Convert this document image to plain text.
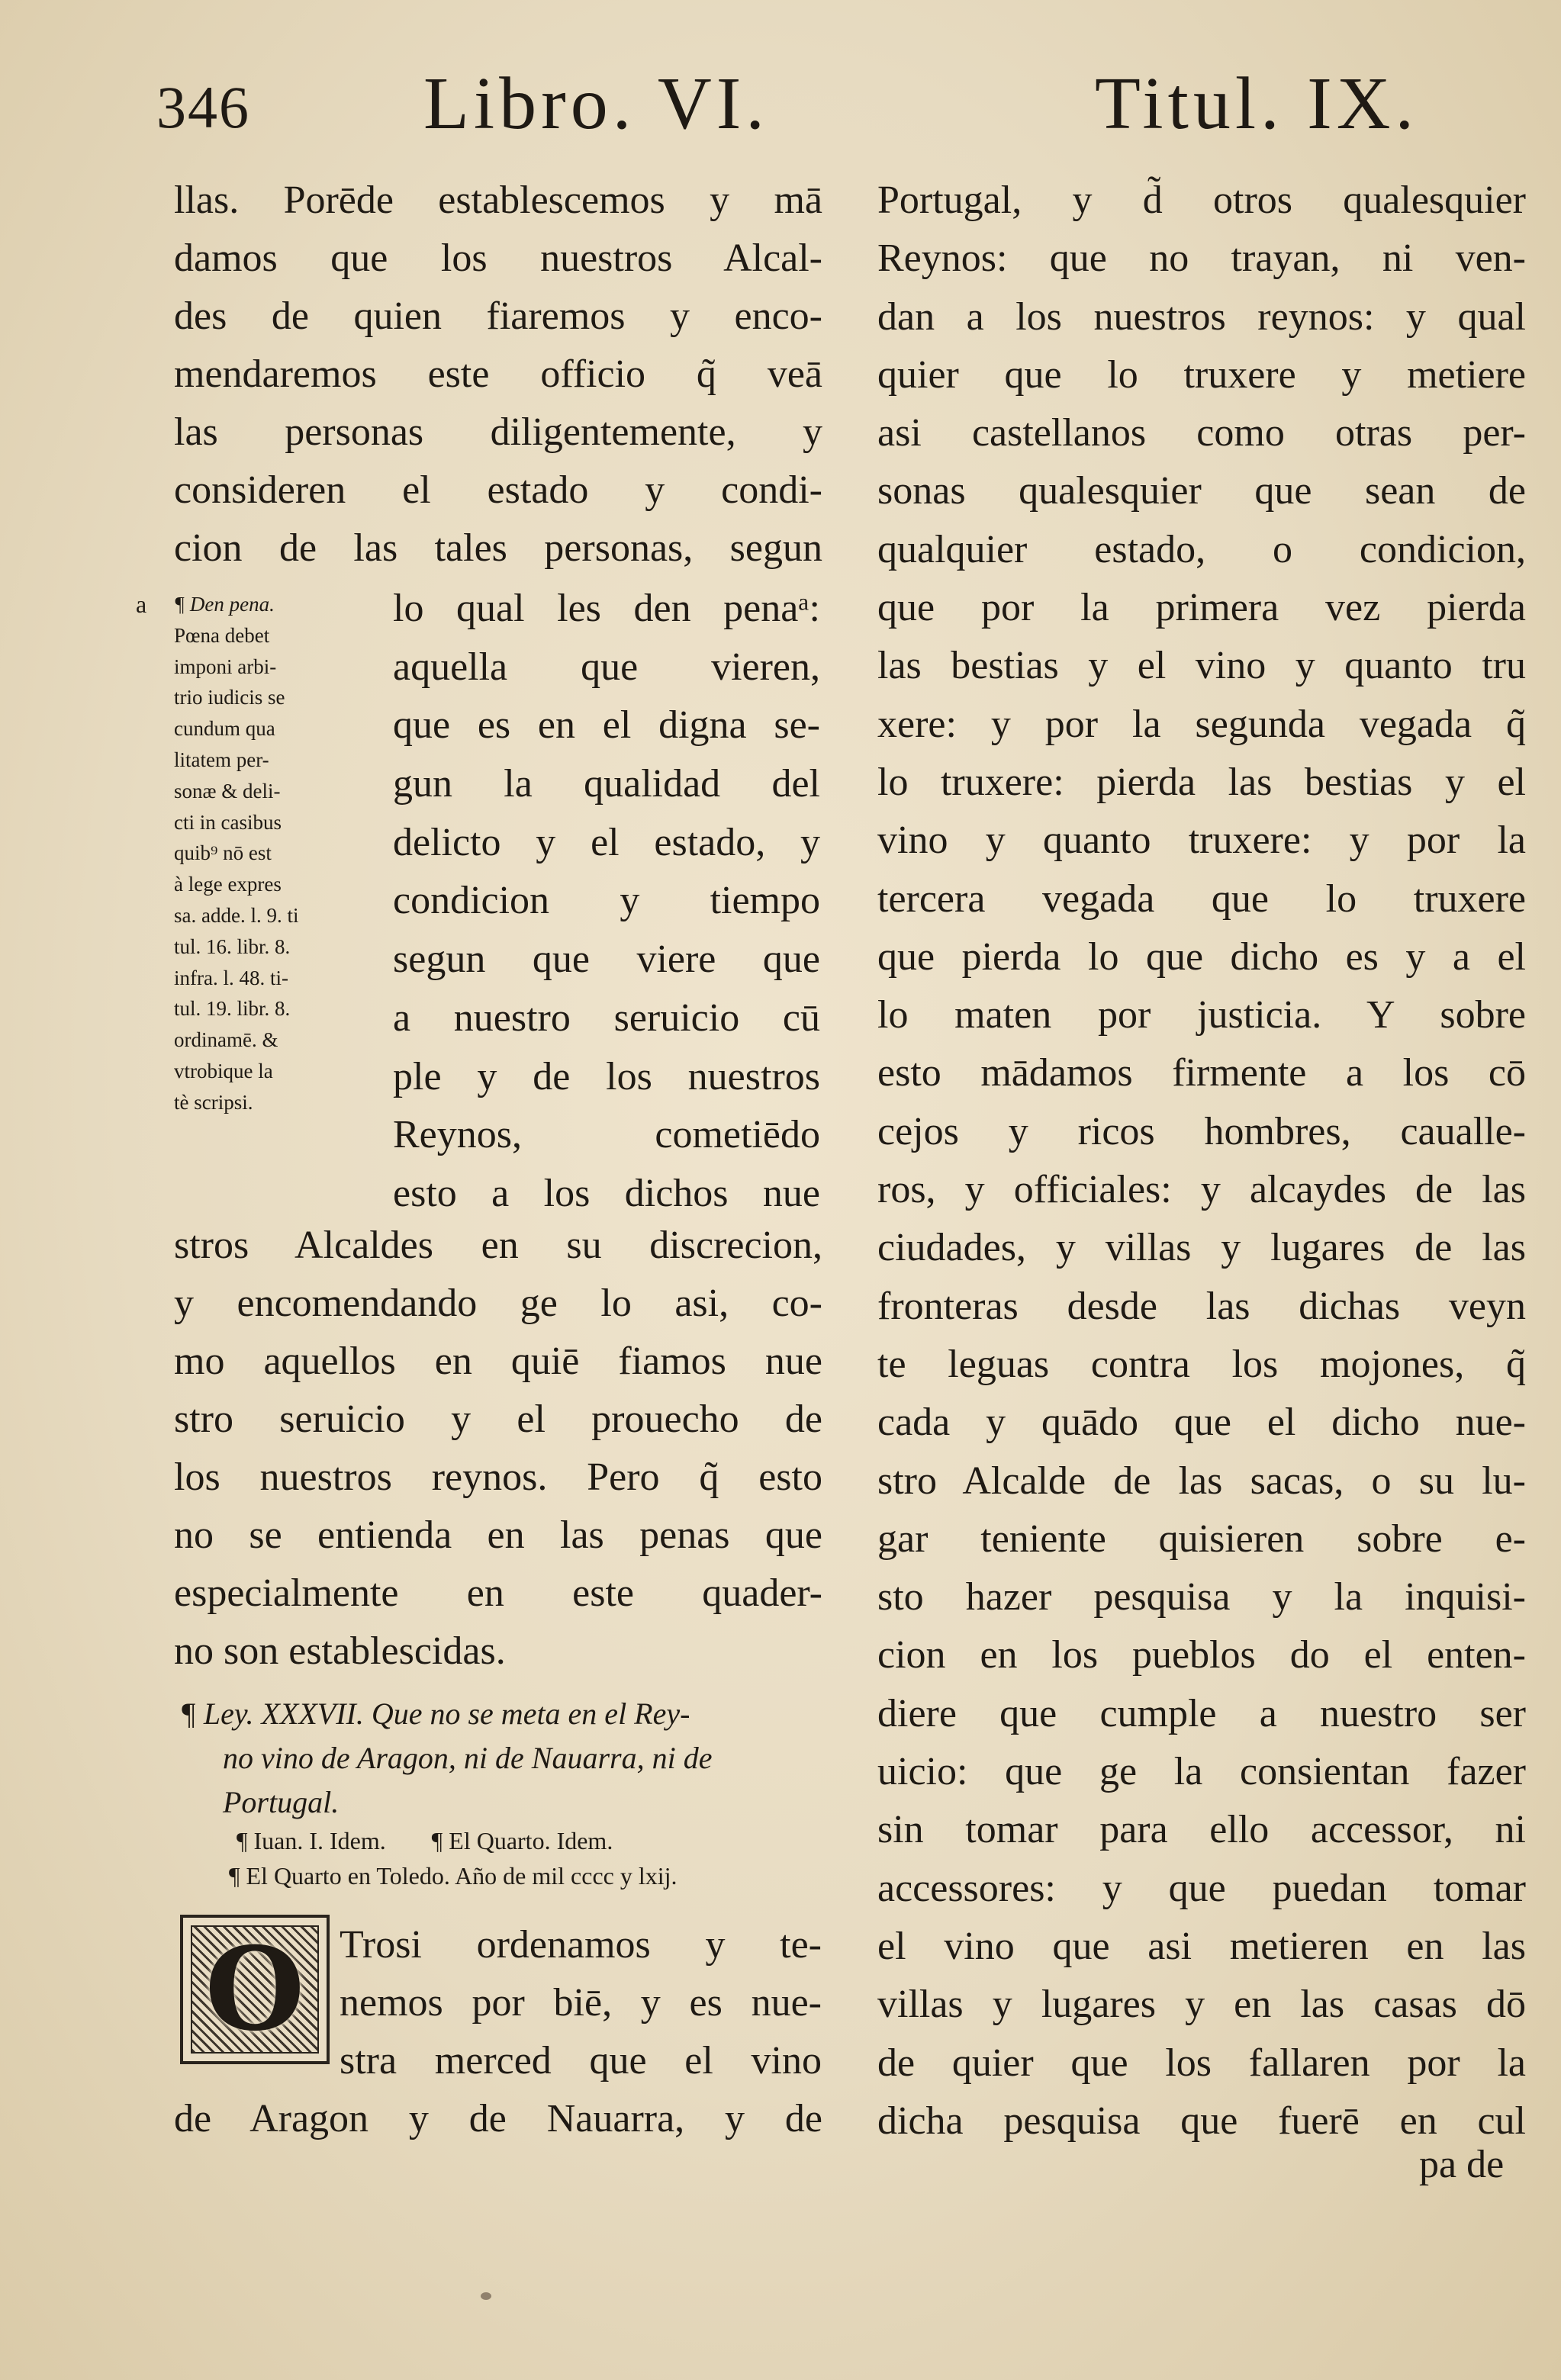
346 Libro. VI.	Titul. IX.
llas. Porēde establescemos y mā
damos que los nuestros Alcal-
des de quien fiaremos y enco-
mendaremos este officio q̃ veā
las personas diligentemente, y
consideren el estado y condi-
cion de las tales personas, segun
a ¶ Den pena.
Pœna debet
imponi arbi-
trio iudicis se
cundum qua
litatem per-
sonæ & deli-
cti in casibus
quib⁹ nō est
à lege expres
sa. adde. l. 9. ti
tul. 16. libr. 8.
infra. l. 48. ti-
tul. 19. libr. 8.
ordinamē. &
vtrobique la
tè scripsi.
lo qual les den penaᵃ:
aquella que vieren,
que es en el digna se-
gun la qualidad del
delicto y el estado, y
condicion y tiempo
segun que viere que
a nuestro seruicio cū
ple y de los nuestros
Reynos, cometiēdo
esto a los dichos nue
stros Alcaldes en su discrecion,
y encomendando ge lo asi, co-
mo aquellos en quiē fiamos nue
stro seruicio y el prouecho de
los nuestros reynos. Pero q̃ esto
no se entienda en las penas que
especialmente en este quader-
no son establescidas.
¶ Ley. XXXVII. Que no se meta en el Rey-
no vino de Aragon, ni de Nauarra, ni de
Portugal.
¶ Iuan. I. Idem. ¶ El Quarto. Idem.
¶ El Quarto en Toledo. Año de mil cccc y lxij.
O Trosi ordenamos y te-
nemos por biē, y es nue-
stra merced que el vino
de Aragon y de Nauarra, y de
Portugal, y d̃ otros qualesquier
Reynos: que no trayan, ni ven-
dan a los nuestros reynos: y qual
quier que lo truxere y metiere
asi castellanos como otras per-
sonas qualesquier que sean de
qualquier estado, o condicion,
que por la primera vez pierda
las bestias y el vino y quanto tru
xere: y por la segunda vegada q̃
lo truxere: pierda las bestias y el
vino y quanto truxere: y por la
tercera vegada que lo truxere
que pierda lo que dicho es y a el
lo maten por justicia. Y sobre
esto mādamos firmente a los cō
cejos y ricos hombres, caualle-
ros, y officiales: y alcaydes de las
ciudades, y villas y lugares de las
fronteras desde las dichas veyn
te leguas contra los mojones, q̃
cada y quādo que el dicho nue-
stro Alcalde de las sacas, o su lu-
gar teniente quisieren sobre e-
sto hazer pesquisa y la inquisi-
cion en los pueblos do el enten-
diere que cumple a nuestro ser
uicio: que ge la consientan fazer
sin tomar para ello accessor, ni
accessores: y que puedan tomar
el vino que asi metieren en las
villas y lugares y en las casas dō
de quier que los fallaren por la
dicha pesquisa que fuerē en cul
pa de
